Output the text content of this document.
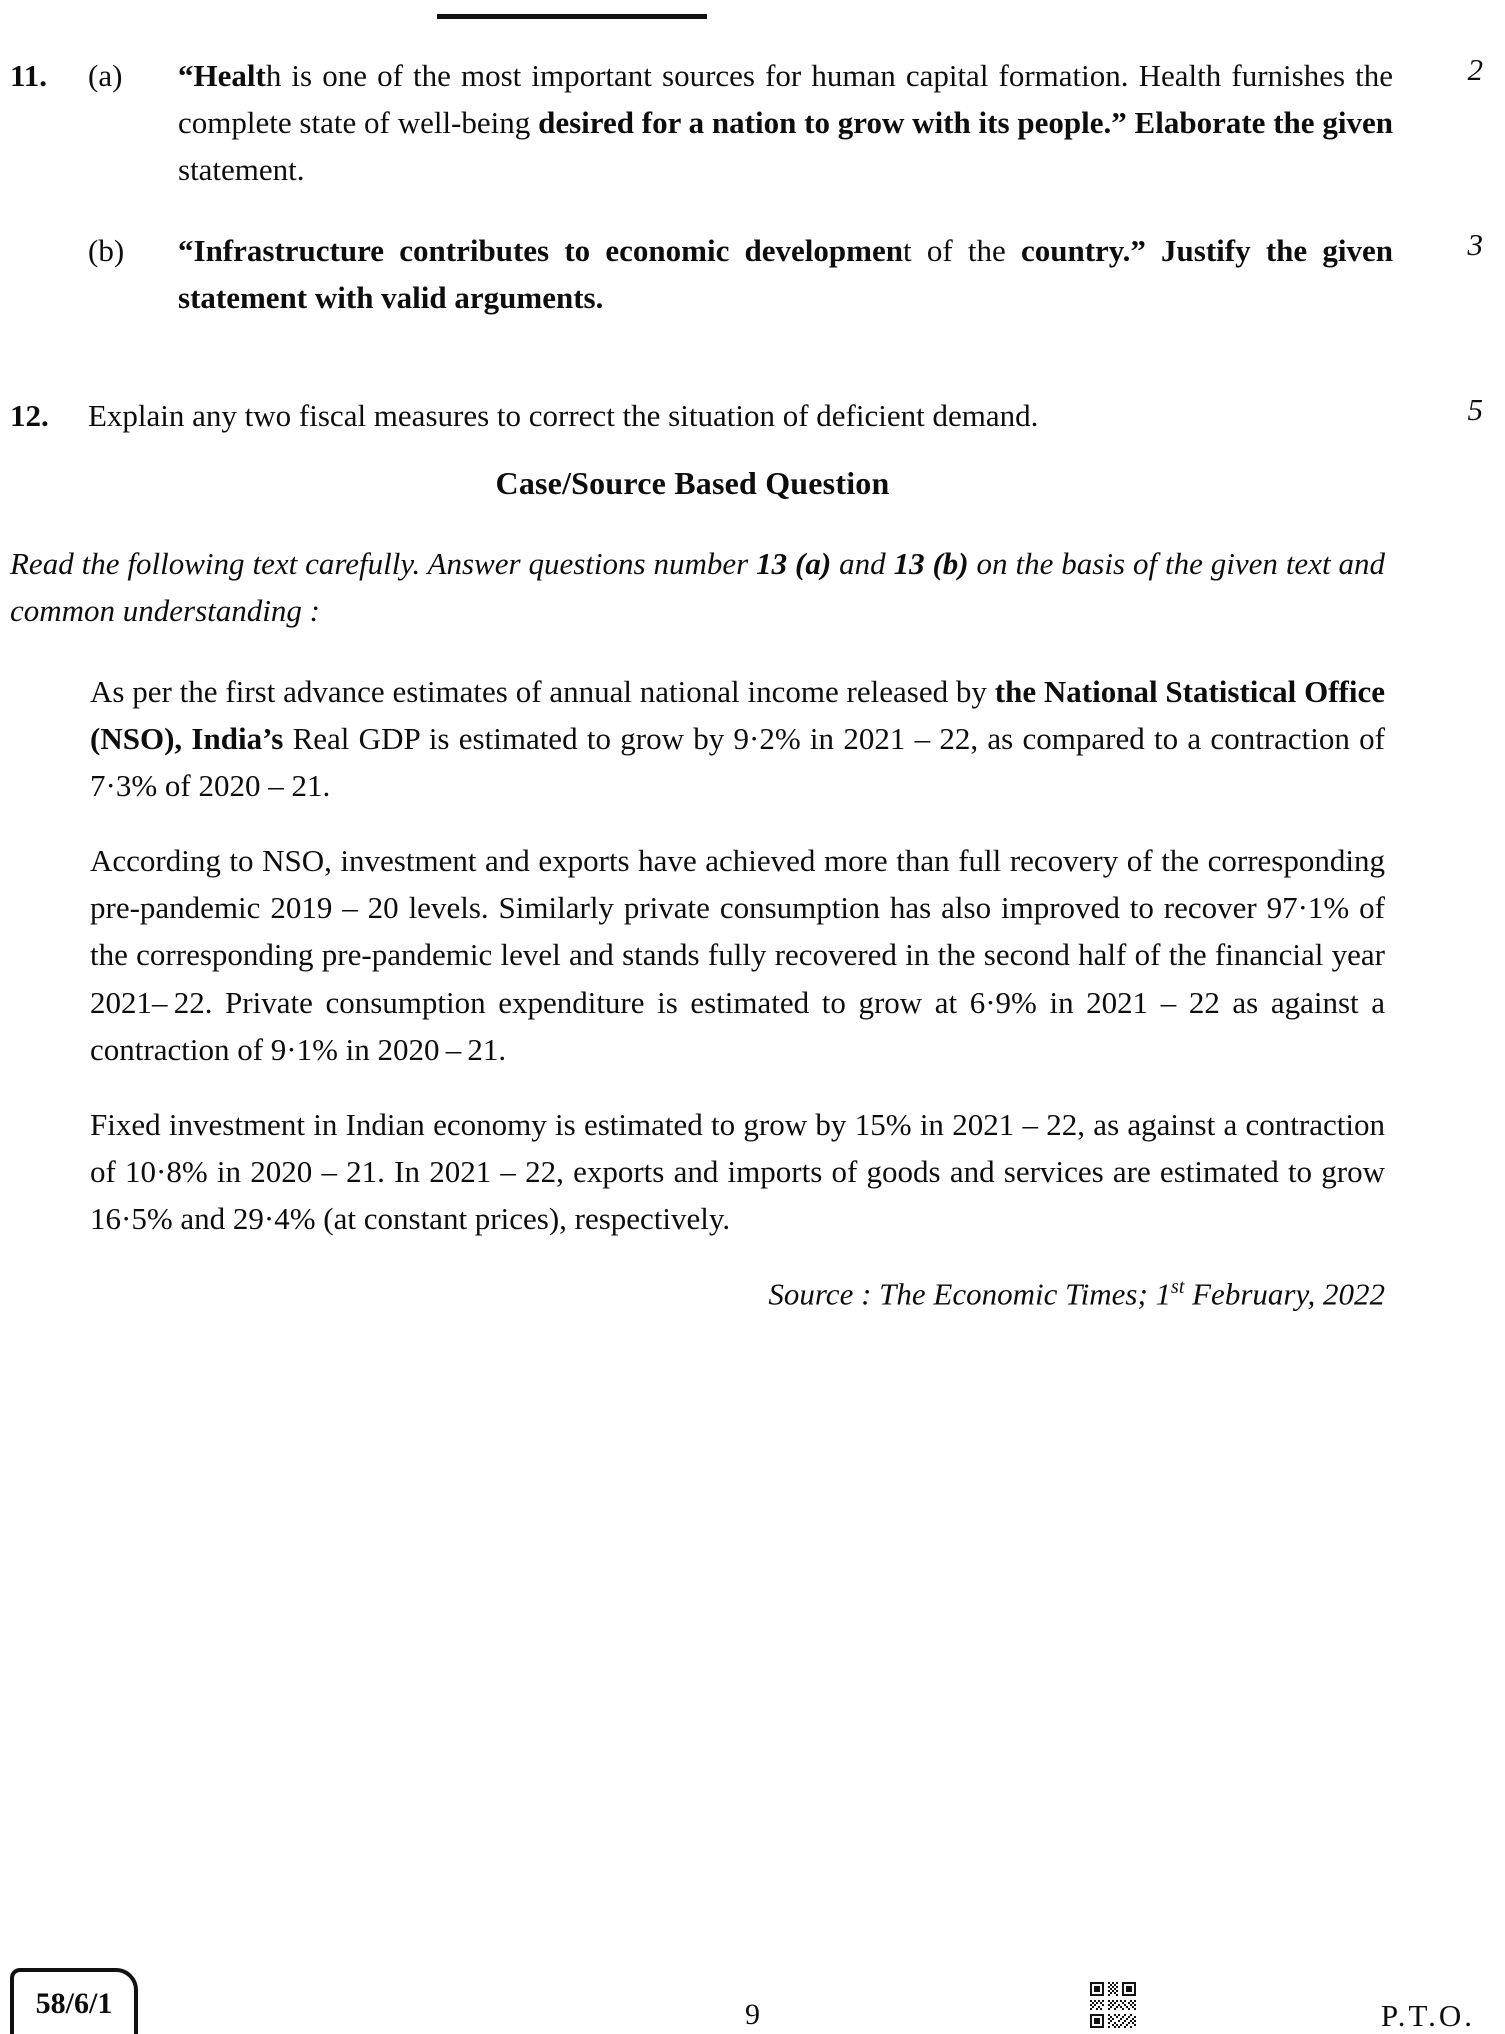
11.	(a)	“Health is one of the most important sources for human capital formation. Health furnishes the complete state of well-being desired for a nation to grow with its people.” Elaborate the given statement.
2
(b)	“Infrastructure contributes to economic development of the country.” Justify the given statement with valid arguments.
3
12.	Explain any two fiscal measures to correct the situation of deficient demand.	5
Case/Source Based Question
Read the following text carefully. Answer questions number 13 (a) and 13 (b) on the basis of the given text and common understanding :

As per the first advance estimates of annual national income released by the National Statistical Office (NSO), India’s Real GDP is estimated to grow by 9·2% in 2021 – 22, as compared to a contraction of 7·3% of 2020 – 21.

According to NSO, investment and exports have achieved more than full recovery of the corresponding pre-pandemic 2019 – 20 levels. Similarly private consumption has also improved to recover 97·1% of the corresponding pre-pandemic level and stands fully recovered in the second half of the financial year 2021– 22. Private consumption expenditure is estimated to grow at 6·9% in 2021 – 22 as against a contraction of 9·1% in 2020 – 21.

Fixed investment in Indian economy is estimated to grow by 15% in 2021 – 22, as against a contraction of 10·8% in 2020 – 21. In 2021 – 22, exports and imports of goods and services are estimated to grow 16·5% and 29·4% (at constant prices), respectively.

Source : The Economic Times; 1st February, 2022
58/6/1	9	P.T.O.
